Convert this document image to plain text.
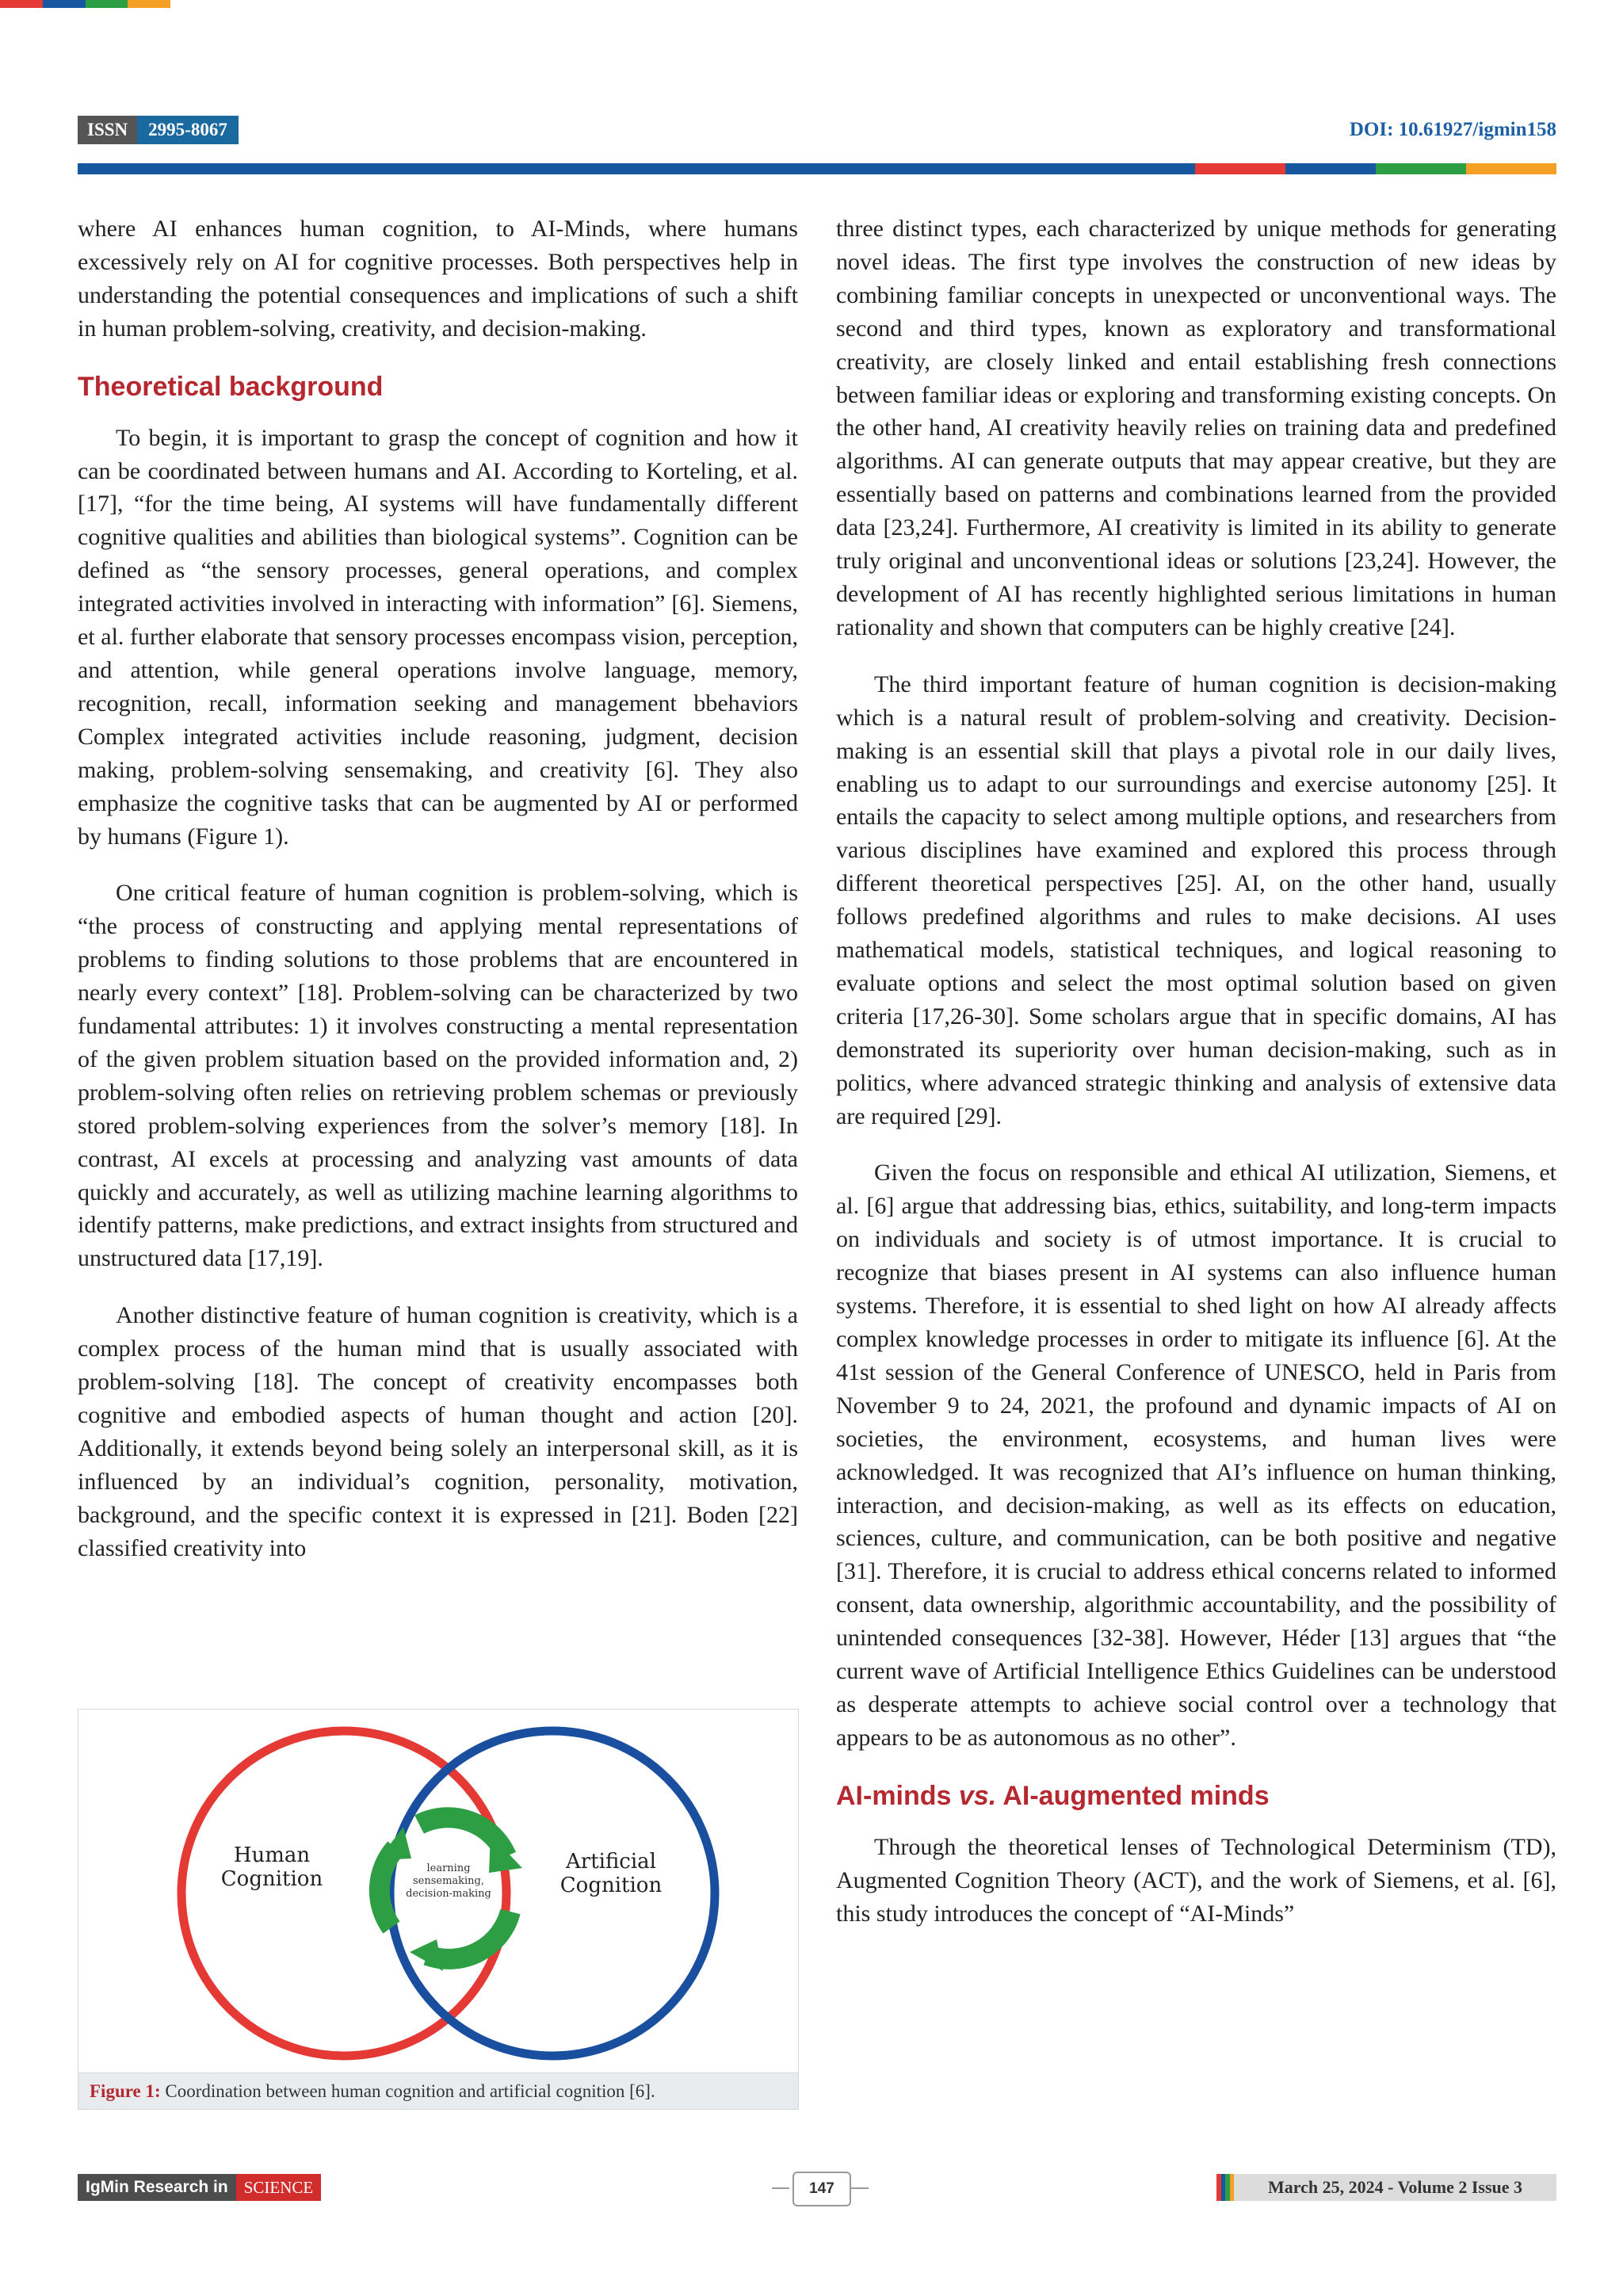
ISSN	2995-8067	DOI: 10.61927/igmin158

where AI enhances human cognition, to AI-Minds, where humans excessively rely on AI for cognitive processes. Both perspectives help in understanding the potential consequences and implications of such a shift in human problem-solving, creativity, and decision-making.

Theoretical background

To begin, it is important to grasp the concept of cognition and how it can be coordinated between humans and AI. According to Korteling, et al. [17], “for the time being, AI systems will have fundamentally different cognitive qualities and abilities than biological systems”. Cognition can be defined as “the sensory processes, general operations, and complex integrated activities involved in interacting with information” [6]. Siemens, et al. further elaborate that sensory processes encompass vision, perception, and attention, while general operations involve language, memory, recognition, recall, information seeking and management bbehaviors Complex integrated activities include reasoning, judgment, decision making, problem-solving sensemaking, and creativity [6]. They also emphasize the cognitive tasks that can be augmented by AI or performed by humans (Figure 1).

One critical feature of human cognition is problem-solving, which is “the process of constructing and applying mental representations of problems to finding solutions to those problems that are encountered in nearly every context” [18]. Problem-solving can be characterized by two fundamental attributes: 1) it involves constructing a mental representation of the given problem situation based on the provided information and, 2) problem-solving often relies on retrieving problem schemas or previously stored problem-solving experiences from the solver’s memory [18]. In contrast, AI excels at processing and analyzing vast amounts of data quickly and accurately, as well as utilizing machine learning algorithms to identify patterns, make predictions, and extract insights from structured and unstructured data [17,19].

Another distinctive feature of human cognition is creativity, which is a complex process of the human mind that is usually associated with problem-solving [18]. The concept of creativity encompasses both cognitive and embodied aspects of human thought and action [20]. Additionally, it extends beyond being solely an interpersonal skill, as it is influenced by an individual’s cognition, personality, motivation, background, and the specific context it is expressed in [21]. Boden [22] classified creativity into

Human
Cognition
Artificial
Cognition
learning
sensemaking,
decision-making
Figure 1: Coordination between human cognition and artificial cognition [6].

three distinct types, each characterized by unique methods for generating novel ideas. The first type involves the construction of new ideas by combining familiar concepts in unexpected or unconventional ways. The second and third types, known as exploratory and transformational creativity, are closely linked and entail establishing fresh connections between familiar ideas or exploring and transforming existing concepts. On the other hand, AI creativity heavily relies on training data and predefined algorithms. AI can generate outputs that may appear creative, but they are essentially based on patterns and combinations learned from the provided data [23,24]. Furthermore, AI creativity is limited in its ability to generate truly original and unconventional ideas or solutions [23,24]. However, the development of AI has recently highlighted serious limitations in human rationality and shown that computers can be highly creative [24].

The third important feature of human cognition is decision-making which is a natural result of problem-solving and creativity. Decision-making is an essential skill that plays a pivotal role in our daily lives, enabling us to adapt to our surroundings and exercise autonomy [25]. It entails the capacity to select among multiple options, and researchers from various disciplines have examined and explored this process through different theoretical perspectives [25]. AI, on the other hand, usually follows predefined algorithms and rules to make decisions. AI uses mathematical models, statistical techniques, and logical reasoning to evaluate options and select the most optimal solution based on given criteria [17,26-30]. Some scholars argue that in specific domains, AI has demonstrated its superiority over human decision-making, such as in politics, where advanced strategic thinking and analysis of extensive data are required [29].

Given the focus on responsible and ethical AI utilization, Siemens, et al. [6] argue that addressing bias, ethics, suitability, and long-term impacts on individuals and society is of utmost importance. It is crucial to recognize that biases present in AI systems can also influence human systems. Therefore, it is essential to shed light on how AI already affects complex knowledge processes in order to mitigate its influence [6]. At the 41st session of the General Conference of UNESCO, held in Paris from November 9 to 24, 2021, the profound and dynamic impacts of AI on societies, the environment, ecosystems, and human lives were acknowledged. It was recognized that AI’s influence on human thinking, interaction, and decision-making, as well as its effects on education, sciences, culture, and communication, can be both positive and negative [31]. Therefore, it is crucial to address ethical concerns related to informed consent, data ownership, algorithmic accountability, and the possibility of unintended consequences [32-38]. However, Héder [13] argues that “the current wave of Artificial Intelligence Ethics Guidelines can be understood as desperate attempts to achieve social control over a technology that appears to be as autonomous as no other”.

AI-minds vs. AI-augmented minds

Through the theoretical lenses of Technological Determinism (TD), Augmented Cognition Theory (ACT), and the work of Siemens, et al. [6], this study introduces the concept of “AI-Minds”

IgMin Research in SCIENCE	147	March 25, 2024 - Volume 2 Issue 3
